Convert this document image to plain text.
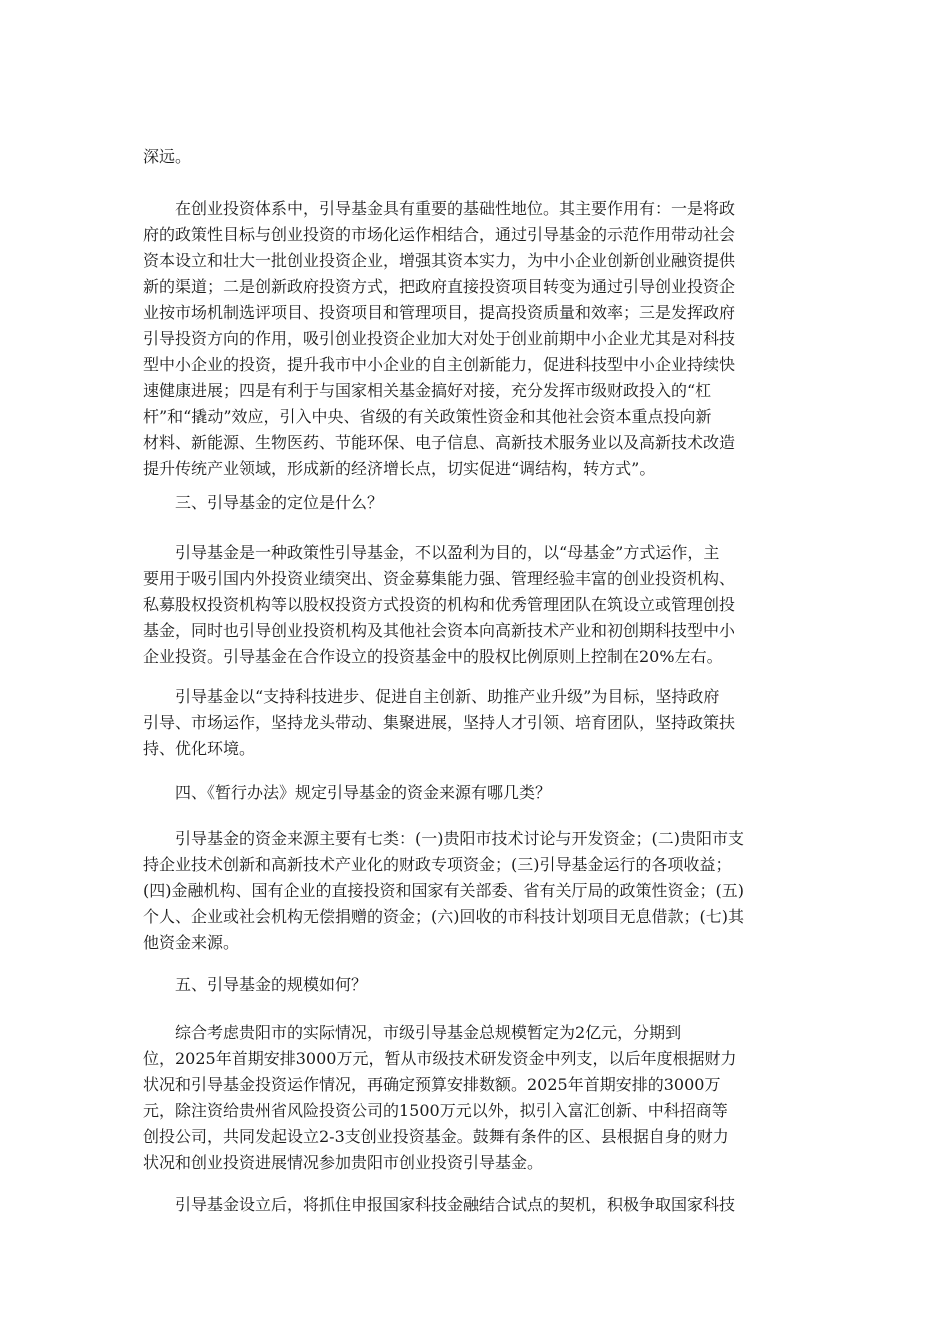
深远。
　　在创业投资体系中，引导基金具有重要的基础性地位。其主要作用有：一是将政
府的政策性目标与创业投资的市场化运作相结合，通过引导基金的示范作用带动社会
资本设立和壮大一批创业投资企业，增强其资本实力，为中小企业创新创业融资提供
新的渠道；二是创新政府投资方式，把政府直接投资项目转变为通过引导创业投资企
业按市场机制选评项目、投资项目和管理项目，提高投资质量和效率；三是发挥政府
引导投资方向的作用，吸引创业投资企业加大对处于创业前期中小企业尤其是对科技
型中小企业的投资，提升我市中小企业的自主创新能力，促进科技型中小企业持续快
速健康进展；四是有利于与国家相关基金搞好对接，充分发挥市级财政投入的“杠
杆”和“撬动”效应，引入中央、省级的有关政策性资金和其他社会资本重点投向新
材料、新能源、生物医药、节能环保、电子信息、高新技术服务业以及高新技术改造
提升传统产业领域，形成新的经济增长点，切实促进“调结构，转方式”。
　　三、引导基金的定位是什么？
　　引导基金是一种政策性引导基金，不以盈利为目的，以“母基金”方式运作，主
要用于吸引国内外投资业绩突出、资金募集能力强、管理经验丰富的创业投资机构、
私募股权投资机构等以股权投资方式投资的机构和优秀管理团队在筑设立或管理创投
基金，同时也引导创业投资机构及其他社会资本向高新技术产业和初创期科技型中小
企业投资。引导基金在合作设立的投资基金中的股权比例原则上控制在20%左右。
　　引导基金以“支持科技进步、促进自主创新、助推产业升级”为目标，坚持政府
引导、市场运作，坚持龙头带动、集聚进展，坚持人才引领、培育团队，坚持政策扶
持、优化环境。
　　四、《暂行办法》规定引导基金的资金来源有哪几类？
　　引导基金的资金来源主要有七类：(一)贵阳市技术讨论与开发资金；(二)贵阳市支
持企业技术创新和高新技术产业化的财政专项资金；(三)引导基金运行的各项收益；
(四)金融机构、国有企业的直接投资和国家有关部委、省有关厅局的政策性资金；(五)
个人、企业或社会机构无偿捐赠的资金；(六)回收的市科技计划项目无息借款；(七)其
他资金来源。
　　五、引导基金的规模如何？
　　综合考虑贵阳市的实际情况，市级引导基金总规模暂定为2亿元，分期到
位，2025年首期安排3000万元，暂从市级技术研发资金中列支，以后年度根据财力
状况和引导基金投资运作情况，再确定预算安排数额。2025年首期安排的3000万
元，除注资给贵州省风险投资公司的1500万元以外，拟引入富汇创新、中科招商等
创投公司，共同发起设立2-3支创业投资基金。鼓舞有条件的区、县根据自身的财力
状况和创业投资进展情况参加贵阳市创业投资引导基金。
　　引导基金设立后，将抓住申报国家科技金融结合试点的契机，积极争取国家科技
